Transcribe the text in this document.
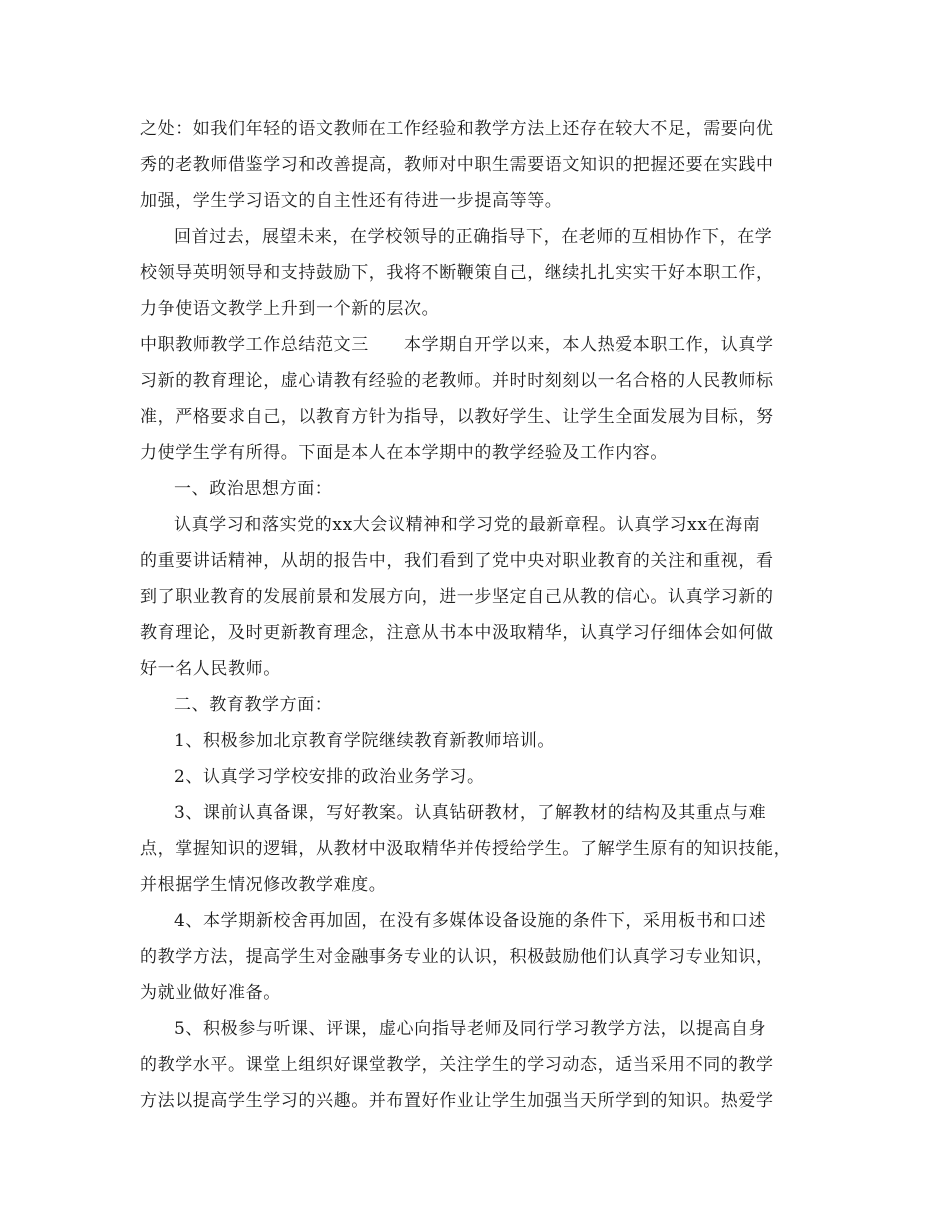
之处：如我们年轻的语文教师在工作经验和教学方法上还存在较大不足，需要向优
秀的老教师借鉴学习和改善提高，教师对中职生需要语文知识的把握还要在实践中
加强，学生学习语文的自主性还有待进一步提高等等。
回首过去，展望未来，在学校领导的正确指导下，在老师的互相协作下，在学
校领导英明领导和支持鼓励下，我将不断鞭策自己，继续扎扎实实干好本职工作，
力争使语文教学上升到一个新的层次。
中职教师教学工作总结范文三　　本学期自开学以来，本人热爱本职工作，认真学
习新的教育理论，虚心请教有经验的老教师。并时时刻刻以一名合格的人民教师标
准，严格要求自己，以教育方针为指导，以教好学生、让学生全面发展为目标，努
力使学生学有所得。下面是本人在本学期中的教学经验及工作内容。
一、政治思想方面：
认真学习和落实党的xx大会议精神和学习党的最新章程。认真学习xx在海南
的重要讲话精神，从胡的报告中，我们看到了党中央对职业教育的关注和重视，看
到了职业教育的发展前景和发展方向，进一步坚定自己从教的信心。认真学习新的
教育理论，及时更新教育理念，注意从书本中汲取精华，认真学习仔细体会如何做
好一名人民教师。
二、教育教学方面：
1、积极参加北京教育学院继续教育新教师培训。
2、认真学习学校安排的政治业务学习。
3、课前认真备课，写好教案。认真钻研教材，了解教材的结构及其重点与难
点，掌握知识的逻辑，从教材中汲取精华并传授给学生。了解学生原有的知识技能，
并根据学生情况修改教学难度。
4、本学期新校舍再加固，在没有多媒体设备设施的条件下，采用板书和口述
的教学方法，提高学生对金融事务专业的认识，积极鼓励他们认真学习专业知识，
为就业做好准备。
5、积极参与听课、评课，虚心向指导老师及同行学习教学方法，以提高自身
的教学水平。课堂上组织好课堂教学，关注学生的学习动态，适当采用不同的教学
方法以提高学生学习的兴趣。并布置好作业让学生加强当天所学到的知识。热爱学
